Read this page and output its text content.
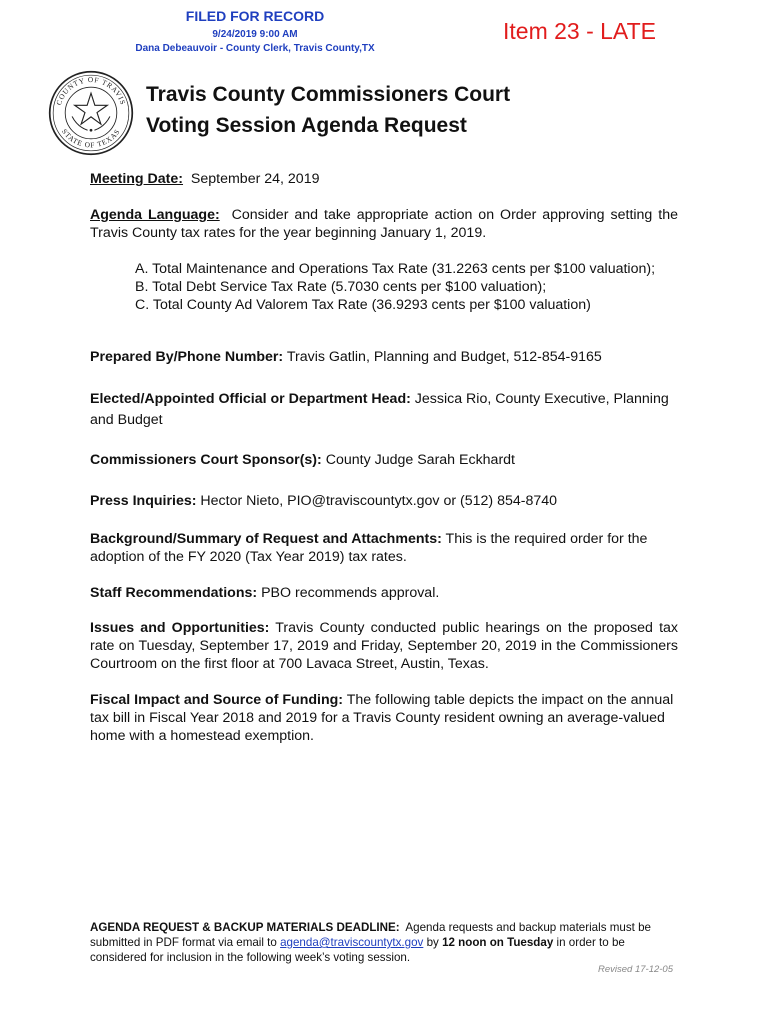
FILED FOR RECORD
9/24/2019 9:00 AM
Dana Debeauvoir - County Clerk, Travis County,TX
Item 23 - LATE
COUNTY OF TRAVIS
STATE OF TEXAS
Travis County Commissioners Court
Voting Session Agenda Request
Meeting Date: September 24, 2019
Agenda Language: Consider and take appropriate action on Order approving setting the Travis County tax rates for the year beginning January 1, 2019.
A. Total Maintenance and Operations Tax Rate (31.2263 cents per $100 valuation);
B. Total Debt Service Tax Rate (5.7030 cents per $100 valuation);
C. Total County Ad Valorem Tax Rate (36.9293 cents per $100 valuation)
Prepared By/Phone Number: Travis Gatlin, Planning and Budget, 512-854-9165
Elected/Appointed Official or Department Head: Jessica Rio, County Executive, Planning and Budget
Commissioners Court Sponsor(s): County Judge Sarah Eckhardt
Press Inquiries: Hector Nieto, PIO@traviscountytx.gov or (512) 854-8740
Background/Summary of Request and Attachments: This is the required order for the adoption of the FY 2020 (Tax Year 2019) tax rates.
Staff Recommendations: PBO recommends approval.
Issues and Opportunities: Travis County conducted public hearings on the proposed tax rate on Tuesday, September 17, 2019 and Friday, September 20, 2019 in the Commissioners Courtroom on the first floor at 700 Lavaca Street, Austin, Texas.
Fiscal Impact and Source of Funding: The following table depicts the impact on the annual tax bill in Fiscal Year 2018 and 2019 for a Travis County resident owning an average-valued home with a homestead exemption.
AGENDA REQUEST & BACKUP MATERIALS DEADLINE: Agenda requests and backup materials must be submitted in PDF format via email to agenda@traviscountytx.gov by 12 noon on Tuesday in order to be considered for inclusion in the following week’s voting session.
Revised 17-12-05
